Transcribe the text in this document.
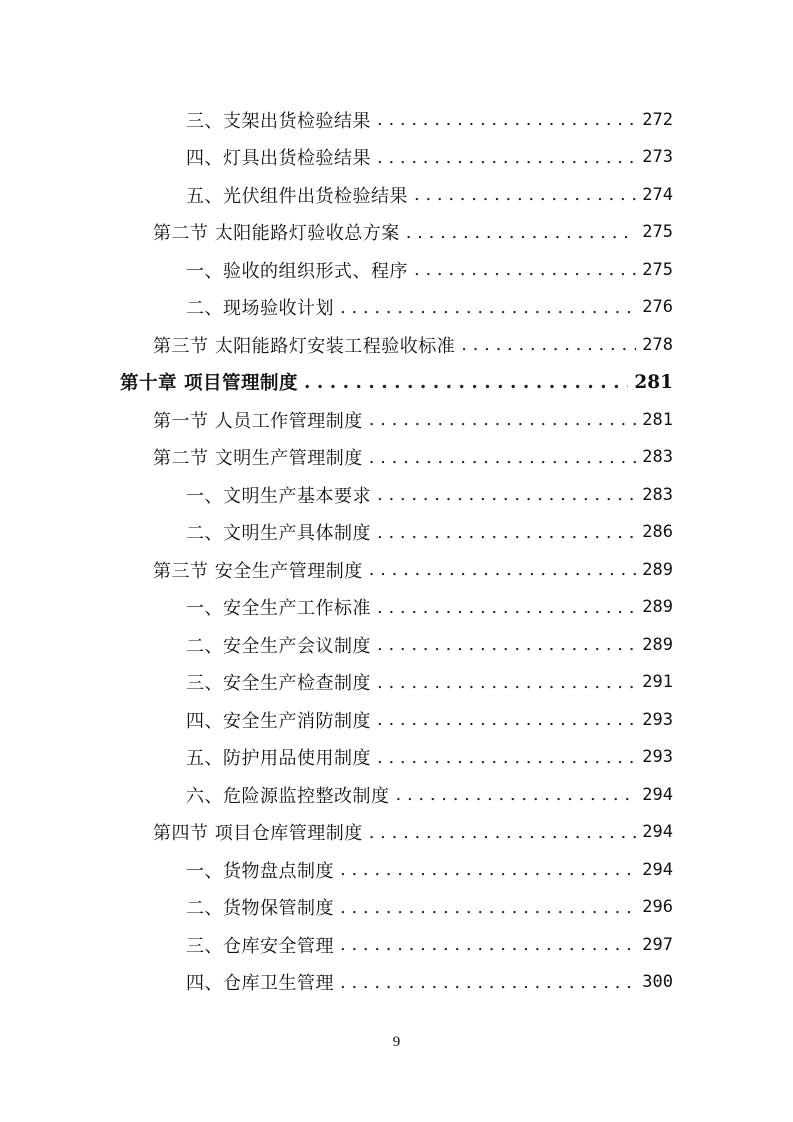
三、支架出货检验结果 . . .	272
四、灯具出货检验结果 . . .	273
五、光伏组件出货检验结果 . . .	274
第二节 太阳能路灯验收总方案 . . .	275
一、验收的组织形式、程序 . . .	275
二、现场验收计划 . . .	276
第三节 太阳能路灯安装工程验收标准 . . .	278
第十章 项目管理制度 . . .	281
第一节 人员工作管理制度 . . .	281
第二节 文明生产管理制度 . . .	283
一、文明生产基本要求 . . .	283
二、文明生产具体制度 . . .	286
第三节 安全生产管理制度 . . .	289
一、安全生产工作标准 . . .	289
二、安全生产会议制度 . . .	289
三、安全生产检查制度 . . .	291
四、安全生产消防制度 . . .	293
五、防护用品使用制度 . . .	293
六、危险源监控整改制度 . . .	294
第四节 项目仓库管理制度 . . .	294
一、货物盘点制度 . . .	294
二、货物保管制度 . . .	296
三、仓库安全管理 . . .	297
四、仓库卫生管理 . . .	300
9
